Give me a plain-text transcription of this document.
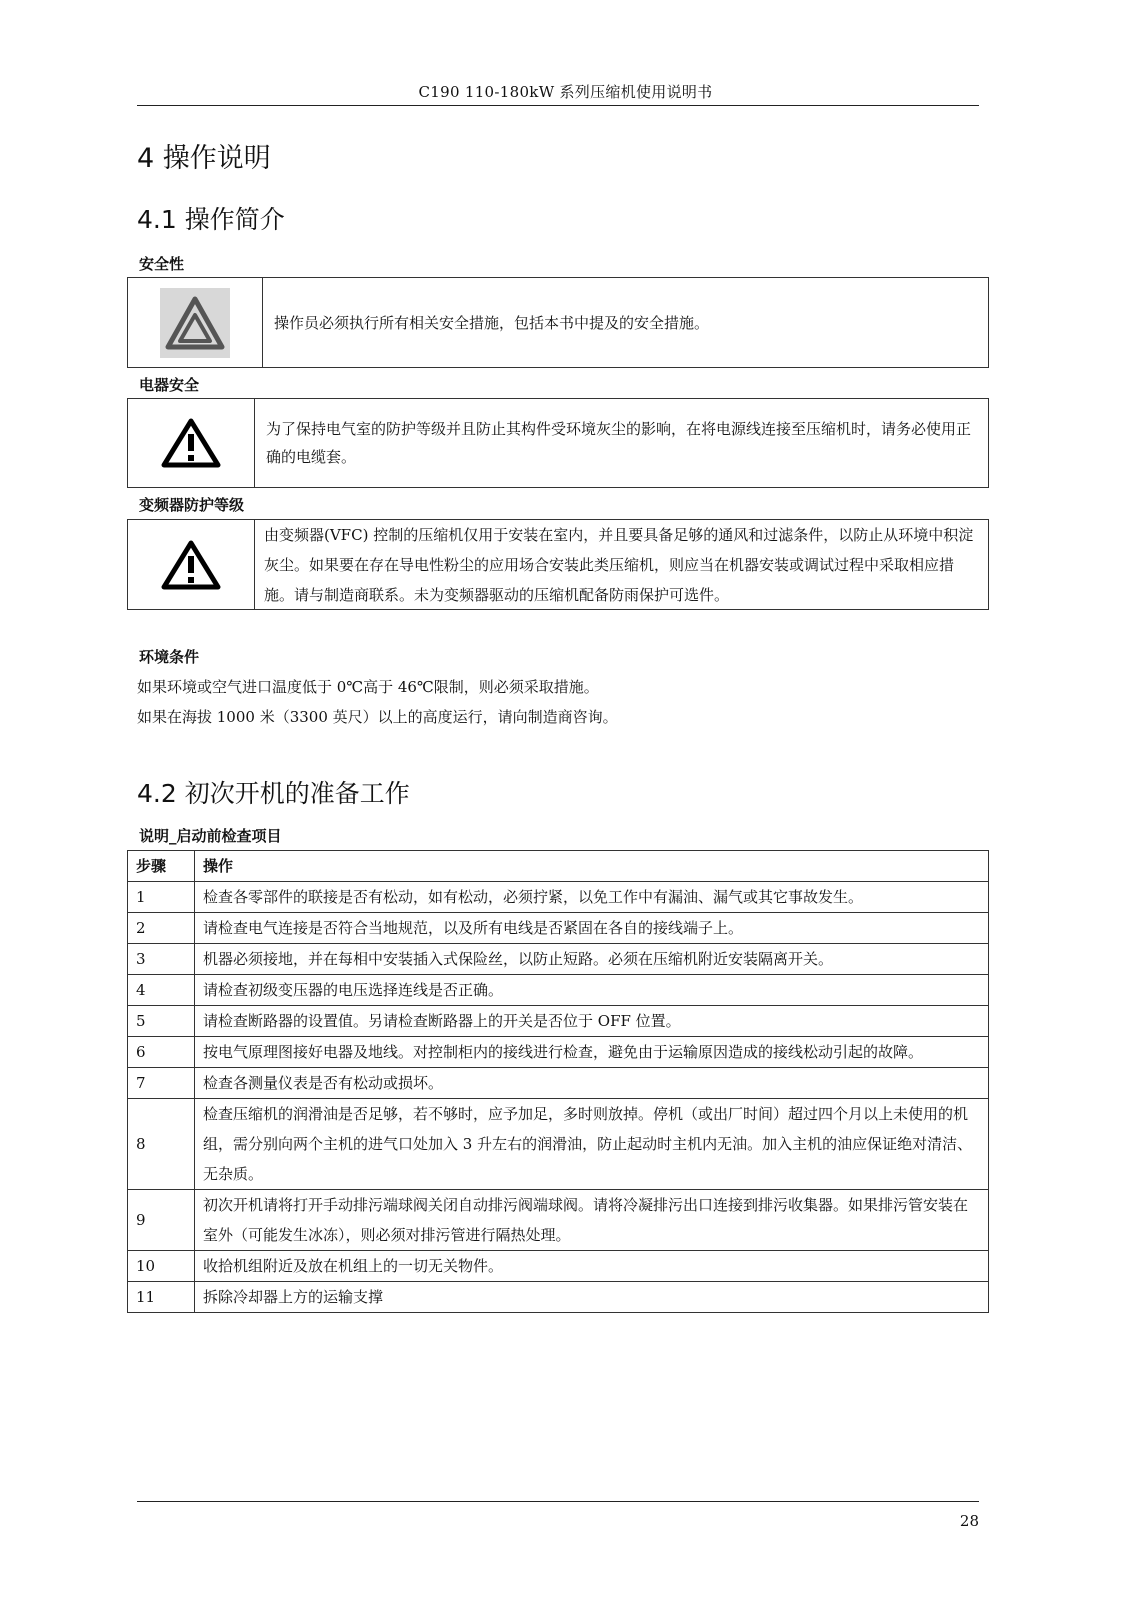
C190 110-180kW 系列压缩机使用说明书
4 操作说明
4.1 操作简介
安全性
操作员必须执行所有相关安全措施，包括本书中提及的安全措施。
电器安全
为了保持电气室的防护等级并且防止其构件受环境灰尘的影响，在将电源线连接至压缩机时，请务必使用正确的电缆套。
变频器防护等级
由变频器(VFC) 控制的压缩机仅用于安装在室内，并且要具备足够的通风和过滤条件，以防止从环境中积淀灰尘。如果要在存在导电性粉尘的应用场合安装此类压缩机，则应当在机器安装或调试过程中采取相应措施。请与制造商联系。未为变频器驱动的压缩机配备防雨保护可选件。
环境条件
如果环境或空气进口温度低于 0℃高于 46℃限制，则必须采取措施。
如果在海拔 1000 米（3300 英尺）以上的高度运行，请向制造商咨询。
4.2 初次开机的准备工作
说明_启动前检查项目
步骤	操作
1	检查各零部件的联接是否有松动，如有松动，必须拧紧，以免工作中有漏油、漏气或其它事故发生。
2	请检查电气连接是否符合当地规范，以及所有电线是否紧固在各自的接线端子上。
3	机器必须接地，并在每相中安装插入式保险丝，以防止短路。必须在压缩机附近安装隔离开关。
4	请检查初级变压器的电压选择连线是否正确。
5	请检查断路器的设置值。另请检查断路器上的开关是否位于 OFF 位置。
6	按电气原理图接好电器及地线。对控制柜内的接线进行检查，避免由于运输原因造成的接线松动引起的故障。
7	检查各测量仪表是否有松动或损坏。
8	检查压缩机的润滑油是否足够，若不够时，应予加足，多时则放掉。停机（或出厂时间）超过四个月以上未使用的机组，需分别向两个主机的进气口处加入 3 升左右的润滑油，防止起动时主机内无油。加入主机的油应保证绝对清洁、无杂质。
9	初次开机请将打开手动排污端球阀关闭自动排污阀端球阀。请将冷凝排污出口连接到排污收集器。如果排污管安装在室外（可能发生冰冻），则必须对排污管进行隔热处理。
10	收拾机组附近及放在机组上的一切无关物件。
11	拆除冷却器上方的运输支撑
28
